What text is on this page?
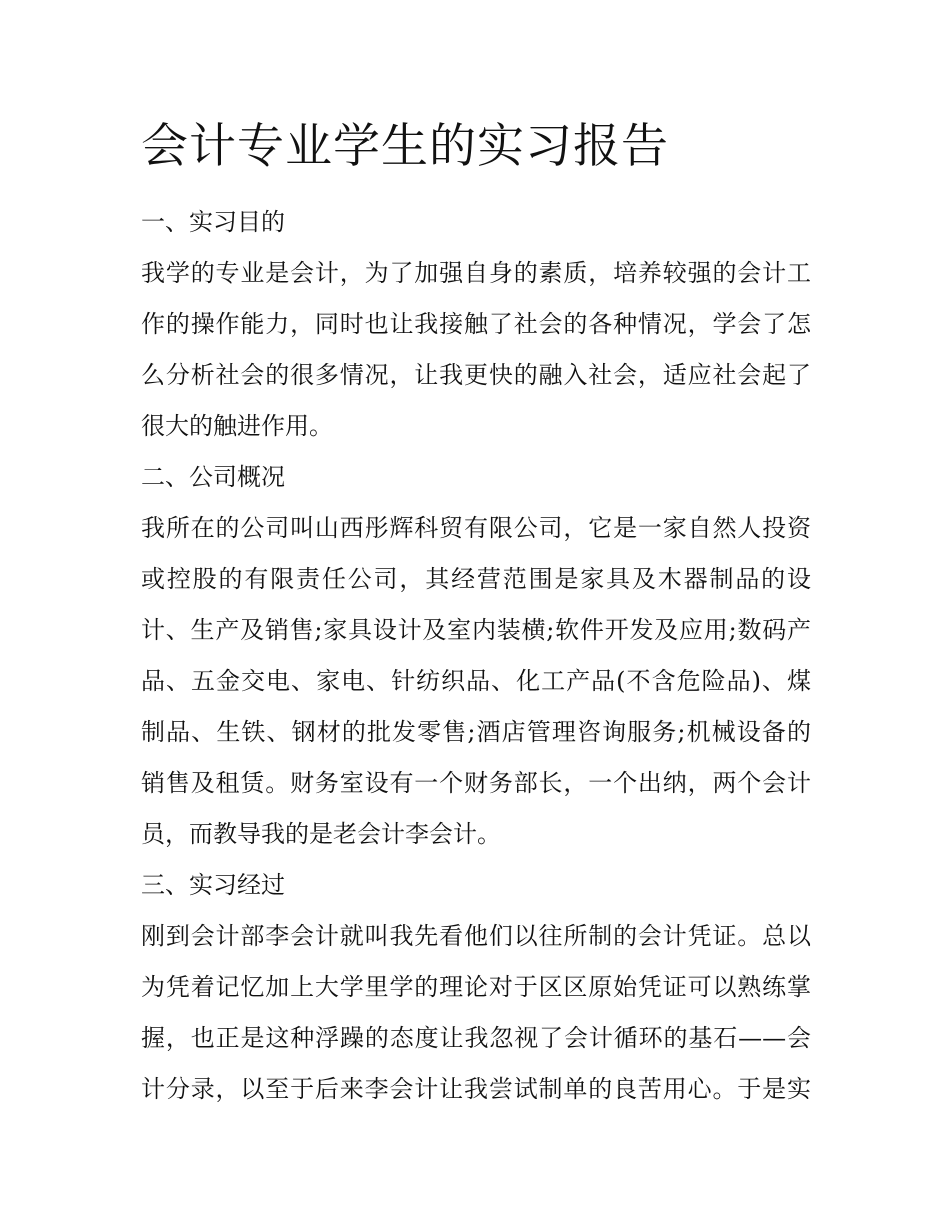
会计专业学生的实习报告
一、实习目的
我学的专业是会计，为了加强自身的素质，培养较强的会计工
作的操作能力，同时也让我接触了社会的各种情况，学会了怎
么分析社会的很多情况，让我更快的融入社会，适应社会起了
很大的触进作用。
二、公司概况
我所在的公司叫山西彤辉科贸有限公司，它是一家自然人投资
或控股的有限责任公司，其经营范围是家具及木器制品的设
计、生产及销售;家具设计及室内装横;软件开发及应用;数码产
品、五金交电、家电、针纺织品、化工产品(不含危险品)、煤
制品、生铁、钢材的批发零售;酒店管理咨询服务;机械设备的
销售及租赁。财务室设有一个财务部长，一个出纳，两个会计
员，而教导我的是老会计李会计。
三、实习经过
刚到会计部李会计就叫我先看他们以往所制的会计凭证。总以
为凭着记忆加上大学里学的理论对于区区原始凭证可以熟练掌
握，也正是这种浮躁的态度让我忽视了会计循环的基石——会
计分录，以至于后来李会计让我尝试制单的良苦用心。于是实
